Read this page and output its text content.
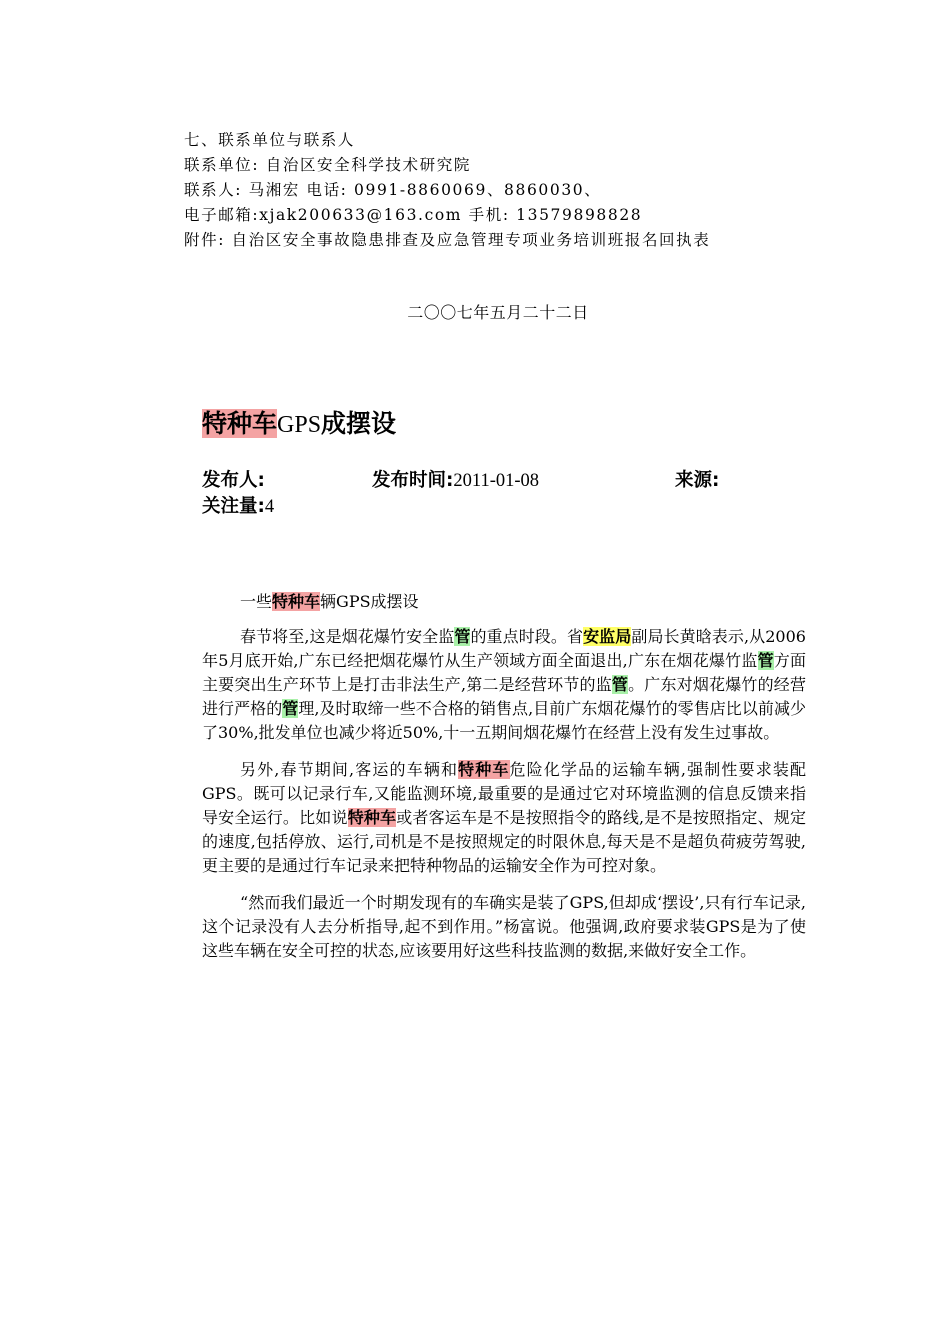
七、联系单位与联系人
联系单位: 自治区安全科学技术研究院
联系人: 马湘宏 电话: 0991-8860069、8860030、
电子邮箱:xjak200633@163.com 手机: 13579898828
附件: 自治区安全事故隐患排查及应急管理专项业务培训班报名回执表
二〇〇七年五月二十二日
特种车GPS成摆设
发布人:	发布时间:2011-01-08	来源:
关注量:4

一些特种车辆GPS成摆设

春节将至,这是烟花爆竹安全监管的重点时段。省安监局副局长黄晗表示,从2006年5月底开始,广东已经把烟花爆竹从生产领域方面全面退出,广东在烟花爆竹监管方面主要突出生产环节上是打击非法生产,第二是经营环节的监管。广东对烟花爆竹的经营进行严格的管理,及时取缔一些不合格的销售点,目前广东烟花爆竹的零售店比以前减少了30%,批发单位也减少将近50%,十一五期间烟花爆竹在经营上没有发生过事故。

另外,春节期间,客运的车辆和特种车危险化学品的运输车辆,强制性要求装配GPS。既可以记录行车,又能监测环境,最重要的是通过它对环境监测的信息反馈来指导安全运行。比如说特种车或者客运车是不是按照指令的路线,是不是按照指定、规定的速度,包括停放、运行,司机是不是按照规定的时限休息,每天是不是超负荷疲劳驾驶,更主要的是通过行车记录来把特种物品的运输安全作为可控对象。

“然而我们最近一个时期发现有的车确实是装了GPS,但却成‘摆设’,只有行车记录,这个记录没有人去分析指导,起不到作用。”杨富说。他强调,政府要求装GPS是为了使这些车辆在安全可控的状态,应该要用好这些科技监测的数据,来做好安全工作。
